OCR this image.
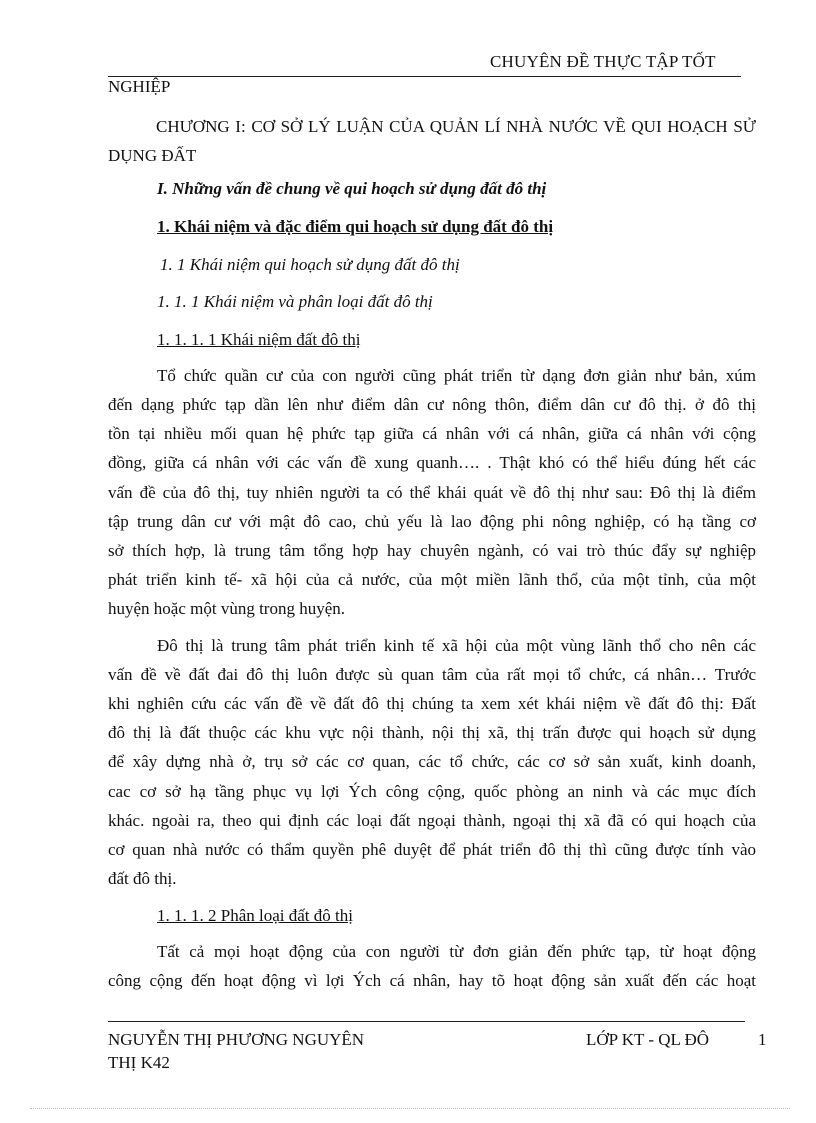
CHUYÊN ĐỀ THỰC TẬP TỐT
NGHIỆP
CHƯƠNG I: CƠ SỞ LÝ LUẬN CỦA QUẢN LÍ NHÀ NƯỚC VỀ QUI HOẠCH SỬ DỤNG ĐẤT
I. Những vấn đề chung về qui hoạch sử dụng đất đô thị
1. Khái niệm và đặc điểm qui hoạch sử dụng đất đô thị
1. 1 Khái niệm qui hoạch sử dụng đất đô thị
1. 1. 1 Khái niệm và phân loại đất đô thị
1. 1. 1. 1 Khái niệm đất đô thị
Tổ chức quần cư của con người cũng phát triển từ dạng đơn giản như bản, xúm
đến dạng phức tạp dần lên như điểm dân cư nông thôn, điểm dân cư đô thị. ở đô thị
tồn tại nhiều mối quan hệ phức tạp giữa cá nhân với cá nhân, giữa cá nhân với cộng
đồng, giữa cá nhân với các vấn đề xung quanh…. . Thật khó có thể hiểu đúng hết các
vấn đề của đô thị, tuy nhiên người ta có thể khái quát về đô thị như sau: Đô thị là điểm
tập trung dân cư với mật đô cao, chủ yếu là lao động phi nông nghiệp, có hạ tầng cơ
sở thích hợp, là trung tâm tổng hợp hay chuyên ngành, có vai trò thúc đẩy sự nghiệp
phát triển kinh tế- xã hội của cả nước, của một miền lãnh thổ, của một tỉnh, của một
huyện hoặc một vùng trong huyện.
Đô thị là trung tâm phát triển kinh tế xã hội của một vùng lãnh thổ cho nên các
vấn đề về đất đai đô thị luôn được sù quan tâm của rất mọi tổ chức, cá nhân… Trước
khi nghiên cứu các vấn đề về đất đô thị chúng ta xem xét khái niệm về đất đô thị: Đất
đô thị là đất thuộc các khu vực nội thành, nội thị xã, thị trấn được qui hoạch sử dụng
để xây dựng nhà ở, trụ sở các cơ quan, các tổ chức, các cơ sở sản xuất, kinh doanh,
cac cơ sở hạ tầng phục vụ lợi Ých công cộng, quốc phòng an ninh và các mục đích
khác. ngoài ra, theo qui định các loại đất ngoại thành, ngoại thị xã đã có qui hoạch của
cơ quan nhà nước có thẩm quyền phê duyệt để phát triển đô thị thì cũng được tính vào
đất đô thị.
1. 1. 1. 2 Phân loại đất đô thị
Tất cả mọi hoạt động của con người từ đơn giản đến phức tạp, từ hoạt động
công cộng đến hoạt động vì lợi Ých cá nhân, hay tõ hoạt động sản xuất đến các hoạt
NGUYỄN THỊ PHƯƠNG NGUYÊN
THỊ K42
LỚP KT - QL ĐÔ	1
